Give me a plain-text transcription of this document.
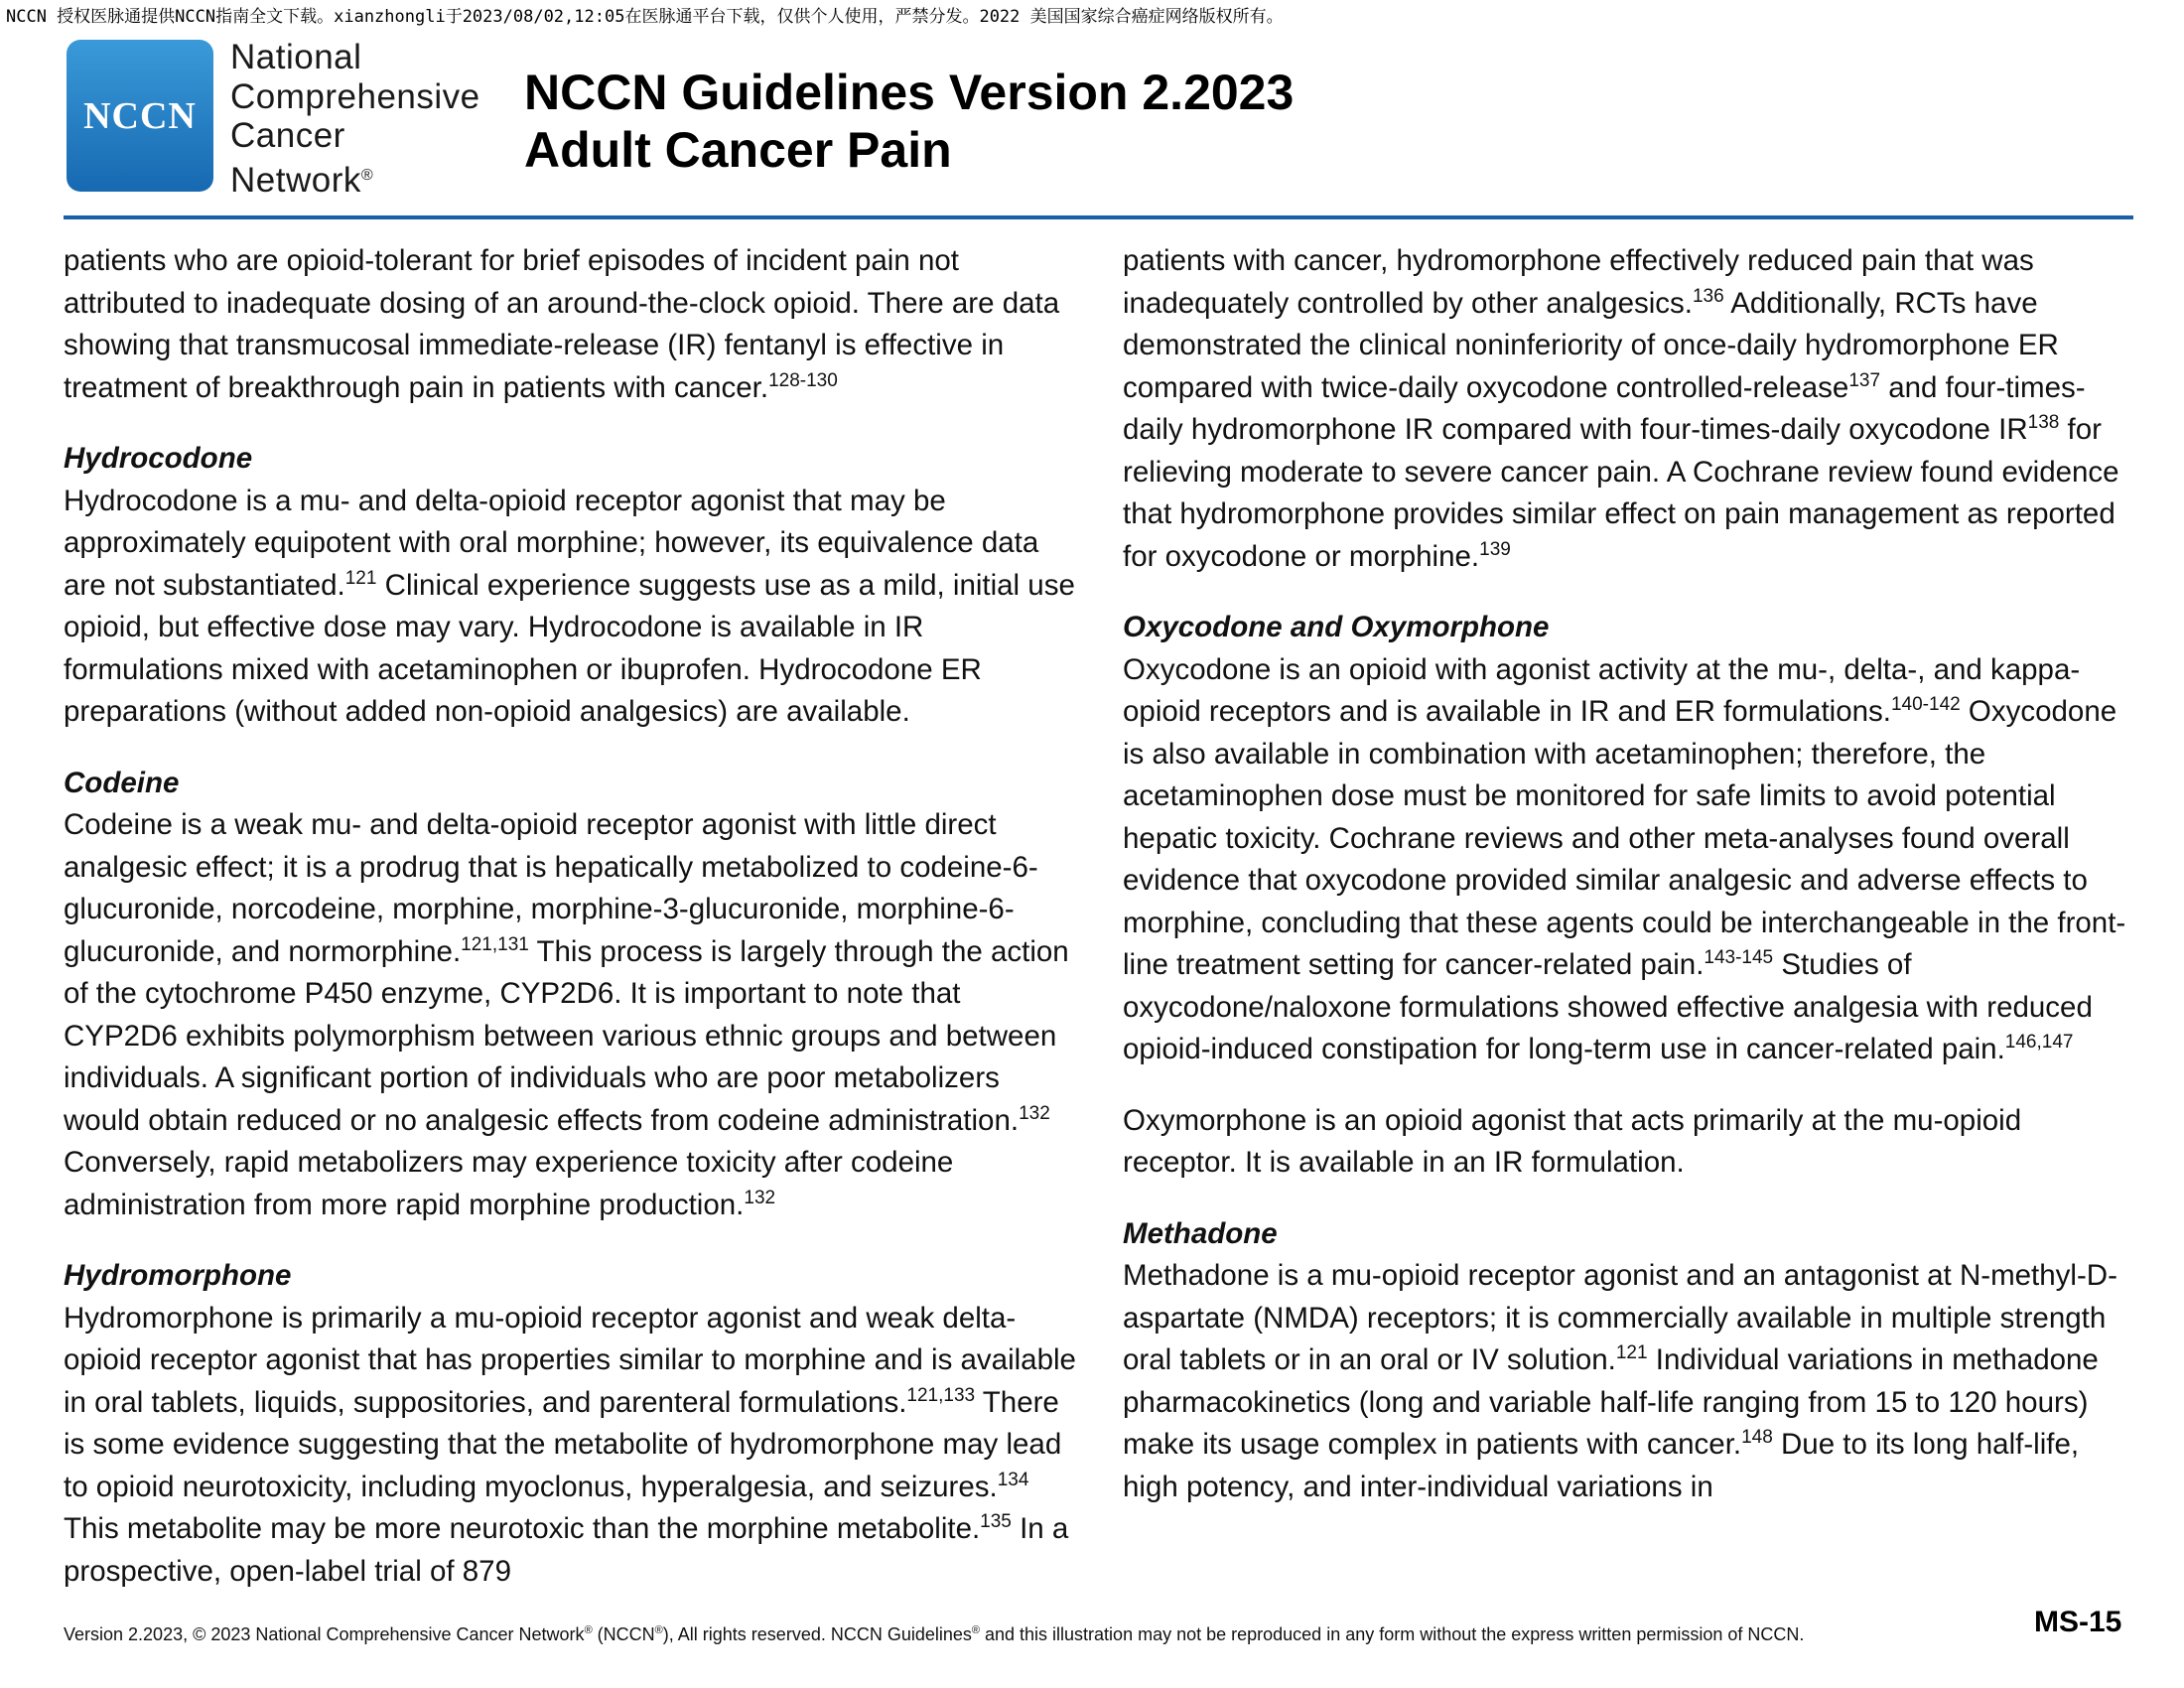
NCCN 授权医脉通提供NCCN指南全文下载。xianzhongli于2023/08/02,12:05在医脉通平台下载，仅供个人使用，严禁分发。2022 美国国家综合癌症网络版权所有。
NCCN
National
Comprehensive
Cancer
Network®
NCCN Guidelines Version 2.2023
Adult Cancer Pain

patients who are opioid-tolerant for brief episodes of incident pain not attributed to inadequate dosing of an around-the-clock opioid. There are data showing that transmucosal immediate-release (IR) fentanyl is effective in treatment of breakthrough pain in patients with cancer.$^{128-130}$

Hydrocodone

Hydrocodone is a mu- and delta-opioid receptor agonist that may be approximately equipotent with oral morphine; however, its equivalence data are not substantiated.$^{121}$ Clinical experience suggests use as a mild, initial use opioid, but effective dose may vary. Hydrocodone is available in IR formulations mixed with acetaminophen or ibuprofen. Hydrocodone ER preparations (without added non-opioid analgesics) are available.

Codeine

Codeine is a weak mu- and delta-opioid receptor agonist with little direct analgesic effect; it is a prodrug that is hepatically metabolized to codeine-6-glucuronide, norcodeine, morphine, morphine-3-glucuronide, morphine-6-glucuronide, and normorphine.$^{121,131}$ This process is largely through the action of the cytochrome P450 enzyme, CYP2D6. It is important to note that CYP2D6 exhibits polymorphism between various ethnic groups and between individuals. A significant portion of individuals who are poor metabolizers would obtain reduced or no analgesic effects from codeine administration.$^{132}$ Conversely, rapid metabolizers may experience toxicity after codeine administration from more rapid morphine production.$^{132}$

Hydromorphone

Hydromorphone is primarily a mu-opioid receptor agonist and weak delta-opioid receptor agonist that has properties similar to morphine and is available in oral tablets, liquids, suppositories, and parenteral formulations.$^{121,133}$ There is some evidence suggesting that the metabolite of hydromorphone may lead to opioid neurotoxicity, including myoclonus, hyperalgesia, and seizures.$^{134}$ This metabolite may be more neurotoxic than the morphine metabolite.$^{135}$ In a prospective, open-label trial of 879

patients with cancer, hydromorphone effectively reduced pain that was inadequately controlled by other analgesics.$^{136}$ Additionally, RCTs have demonstrated the clinical noninferiority of once-daily hydromorphone ER compared with twice-daily oxycodone controlled-release$^{137}$ and four-times-daily hydromorphone IR compared with four-times-daily oxycodone IR$^{138}$ for relieving moderate to severe cancer pain. A Cochrane review found evidence that hydromorphone provides similar effect on pain management as reported for oxycodone or morphine.$^{139}$

Oxycodone and Oxymorphone

Oxycodone is an opioid with agonist activity at the mu-, delta-, and kappa-opioid receptors and is available in IR and ER formulations.$^{140-142}$ Oxycodone is also available in combination with acetaminophen; therefore, the acetaminophen dose must be monitored for safe limits to avoid potential hepatic toxicity. Cochrane reviews and other meta-analyses found overall evidence that oxycodone provided similar analgesic and adverse effects to morphine, concluding that these agents could be interchangeable in the front-line treatment setting for cancer-related pain.$^{143-145}$ Studies of oxycodone/naloxone formulations showed effective analgesia with reduced opioid-induced constipation for long-term use in cancer-related pain.$^{146,147}$

Oxymorphone is an opioid agonist that acts primarily at the mu-opioid receptor. It is available in an IR formulation.

Methadone

Methadone is a mu-opioid receptor agonist and an antagonist at N-methyl-D-aspartate (NMDA) receptors; it is commercially available in multiple strength oral tablets or in an oral or IV solution.$^{121}$ Individual variations in methadone pharmacokinetics (long and variable half-life ranging from 15 to 120 hours) make its usage complex in patients with cancer.$^{148}$ Due to its long half-life, high potency, and inter-individual variations in

Version 2.2023, © 2023 National Comprehensive Cancer Network® (NCCN®), All rights reserved. NCCN Guidelines® and this illustration may not be reproduced in any form without the express written permission of NCCN.	MS-15
